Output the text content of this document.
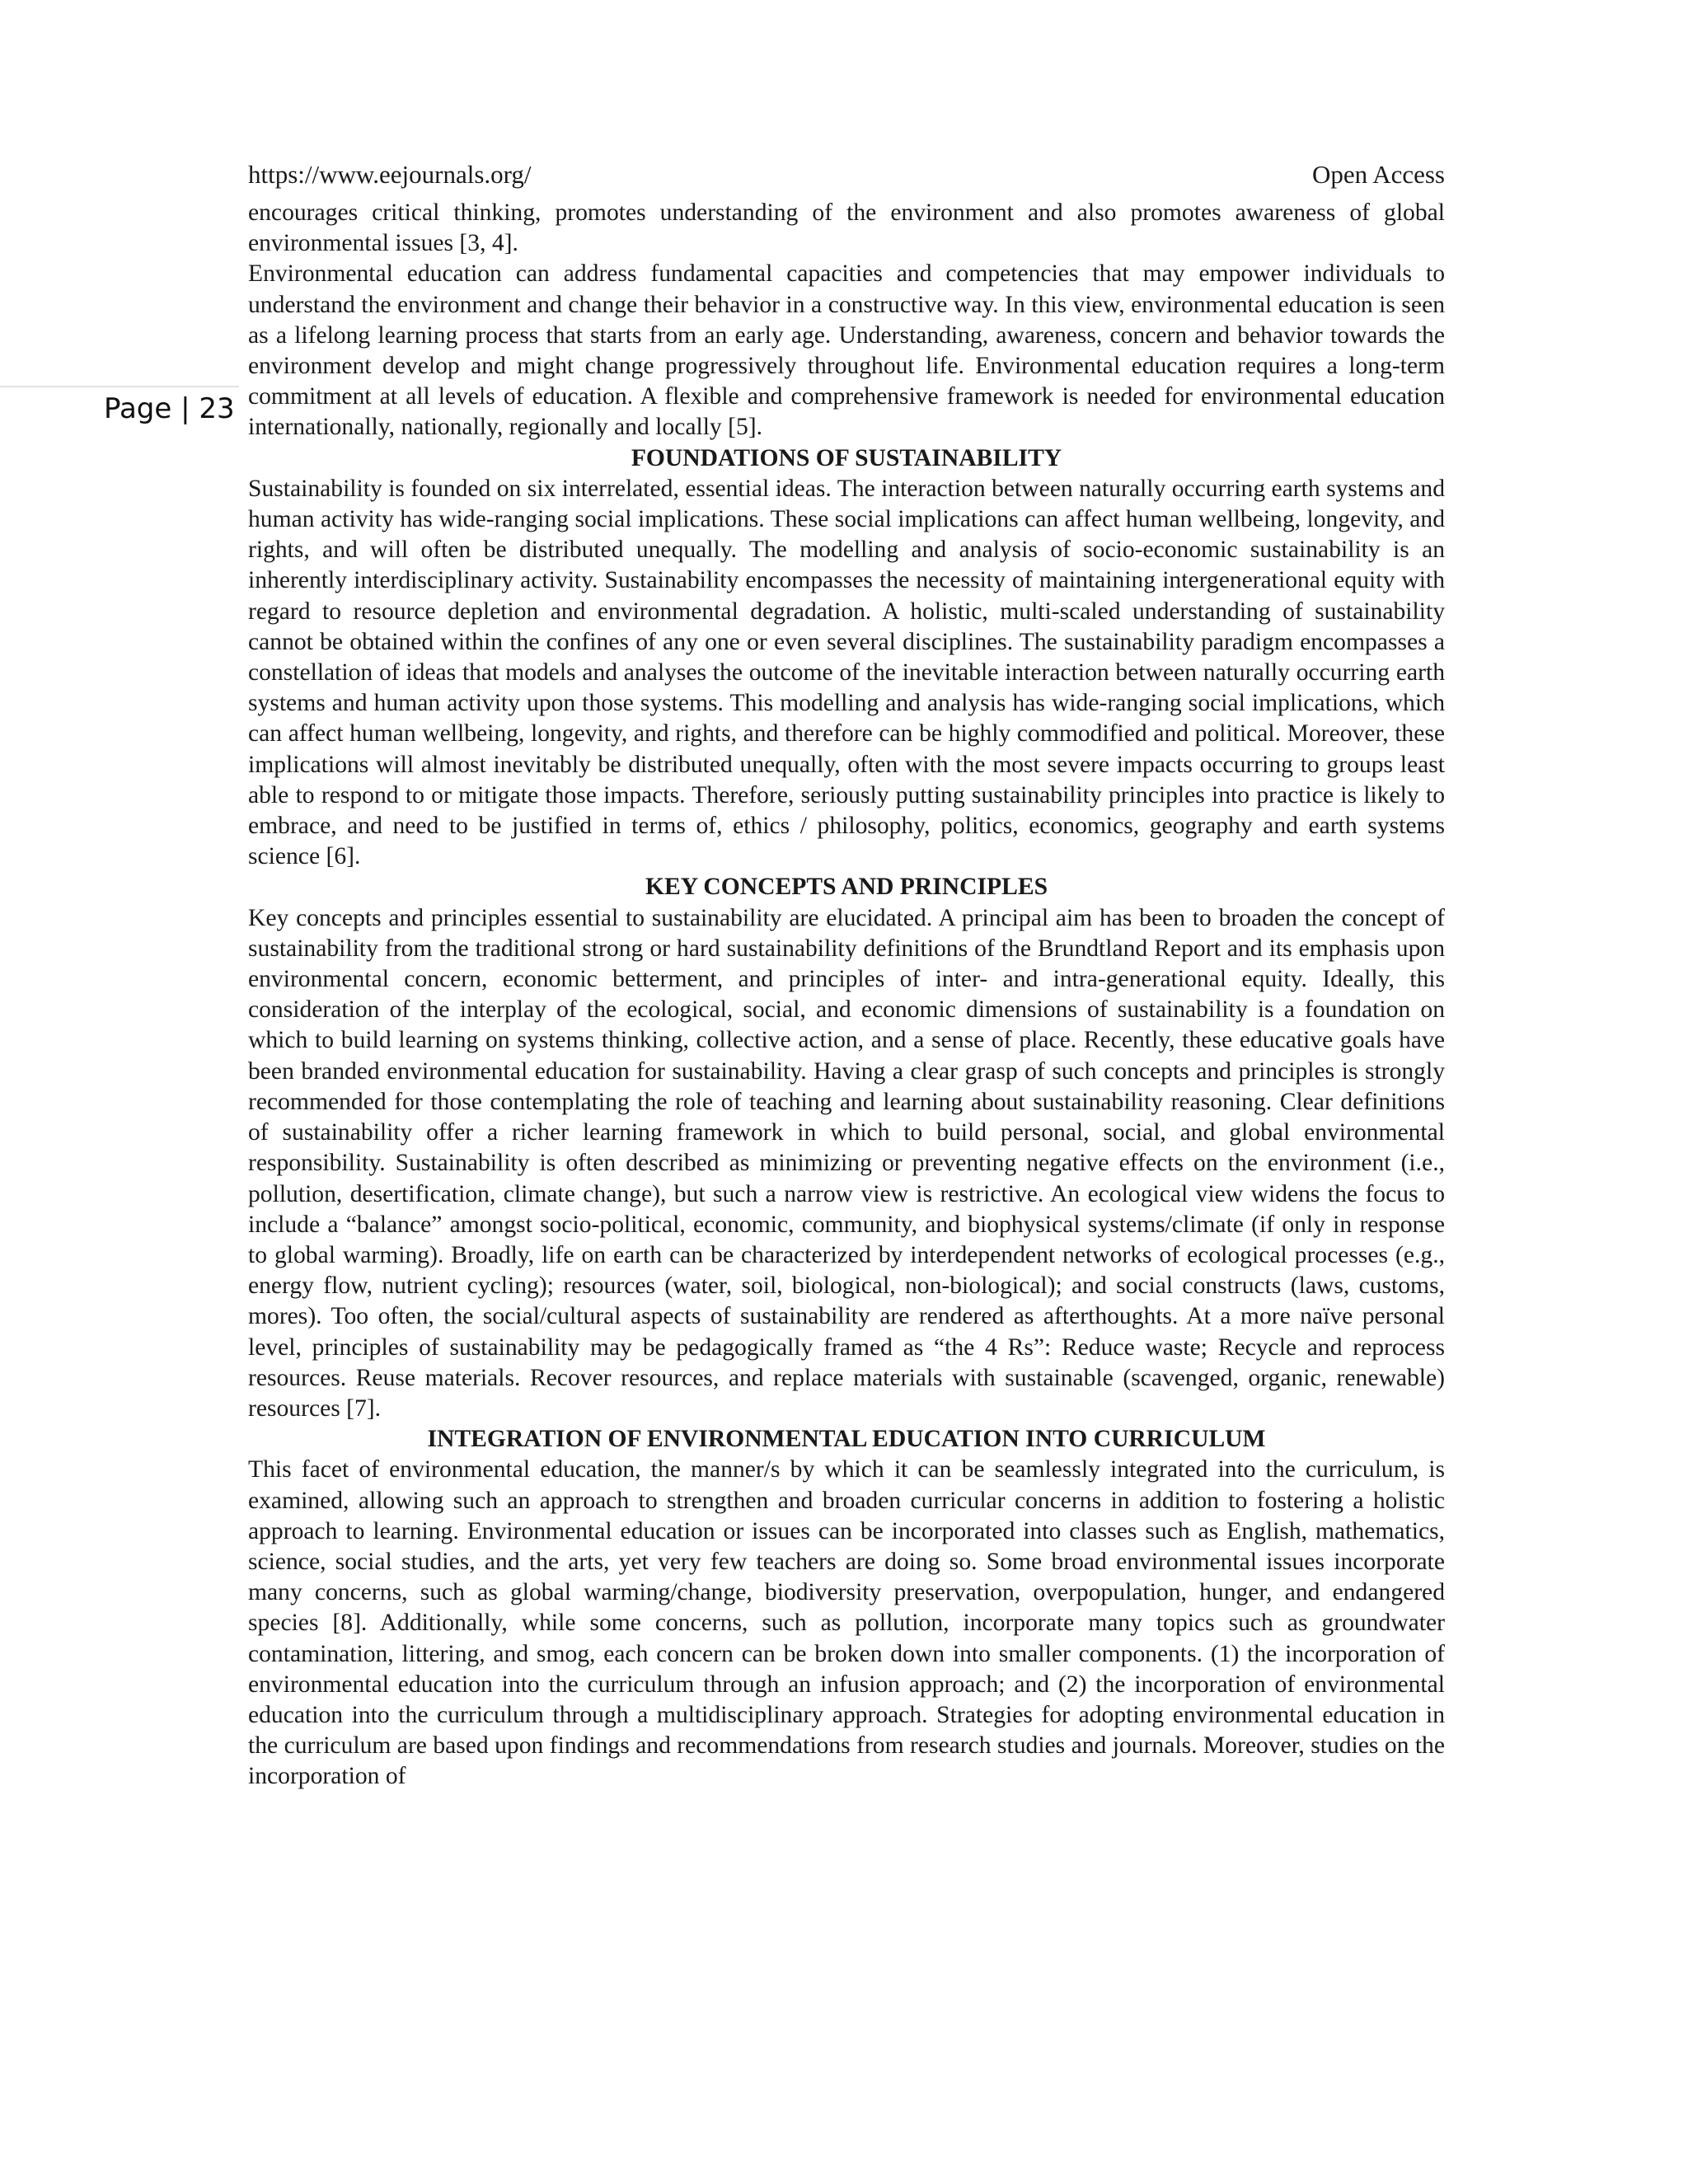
https://www.eejournals.org/	Open Access
Page | 23

encourages critical thinking, promotes understanding of the environment and also promotes awareness of global environmental issues [3, 4].

Environmental education can address fundamental capacities and competencies that may empower individuals to understand the environment and change their behavior in a constructive way. In this view, environmental education is seen as a lifelong learning process that starts from an early age. Understanding, awareness, concern and behavior towards the environment develop and might change progressively throughout life. Environmental education requires a long-term commitment at all levels of education. A flexible and comprehensive framework is needed for environmental education internationally, nationally, regionally and locally [5].

FOUNDATIONS OF SUSTAINABILITY

Sustainability is founded on six interrelated, essential ideas. The interaction between naturally occurring earth systems and human activity has wide-ranging social implications. These social implications can affect human wellbeing, longevity, and rights, and will often be distributed unequally. The modelling and analysis of socio-economic sustainability is an inherently interdisciplinary activity. Sustainability encompasses the necessity of maintaining intergenerational equity with regard to resource depletion and environmental degradation. A holistic, multi-scaled understanding of sustainability cannot be obtained within the confines of any one or even several disciplines. The sustainability paradigm encompasses a constellation of ideas that models and analyses the outcome of the inevitable interaction between naturally occurring earth systems and human activity upon those systems. This modelling and analysis has wide-ranging social implications, which can affect human wellbeing, longevity, and rights, and therefore can be highly commodified and political. Moreover, these implications will almost inevitably be distributed unequally, often with the most severe impacts occurring to groups least able to respond to or mitigate those impacts. Therefore, seriously putting sustainability principles into practice is likely to embrace, and need to be justified in terms of, ethics / philosophy, politics, economics, geography and earth systems science [6].

KEY CONCEPTS AND PRINCIPLES

Key concepts and principles essential to sustainability are elucidated. A principal aim has been to broaden the concept of sustainability from the traditional strong or hard sustainability definitions of the Brundtland Report and its emphasis upon environmental concern, economic betterment, and principles of inter- and intra-generational equity. Ideally, this consideration of the interplay of the ecological, social, and economic dimensions of sustainability is a foundation on which to build learning on systems thinking, collective action, and a sense of place. Recently, these educative goals have been branded environmental education for sustainability. Having a clear grasp of such concepts and principles is strongly recommended for those contemplating the role of teaching and learning about sustainability reasoning. Clear definitions of sustainability offer a richer learning framework in which to build personal, social, and global environmental responsibility. Sustainability is often described as minimizing or preventing negative effects on the environment (i.e., pollution, desertification, climate change), but such a narrow view is restrictive. An ecological view widens the focus to include a “balance” amongst socio-political, economic, community, and biophysical systems/climate (if only in response to global warming). Broadly, life on earth can be characterized by interdependent networks of ecological processes (e.g., energy flow, nutrient cycling); resources (water, soil, biological, non-biological); and social constructs (laws, customs, mores). Too often, the social/cultural aspects of sustainability are rendered as afterthoughts. At a more naïve personal level, principles of sustainability may be pedagogically framed as “the 4 Rs”: Reduce waste; Recycle and reprocess resources. Reuse materials. Recover resources, and replace materials with sustainable (scavenged, organic, renewable) resources [7].

INTEGRATION OF ENVIRONMENTAL EDUCATION INTO CURRICULUM

This facet of environmental education, the manner/s by which it can be seamlessly integrated into the curriculum, is examined, allowing such an approach to strengthen and broaden curricular concerns in addition to fostering a holistic approach to learning. Environmental education or issues can be incorporated into classes such as English, mathematics, science, social studies, and the arts, yet very few teachers are doing so. Some broad environmental issues incorporate many concerns, such as global warming/change, biodiversity preservation, overpopulation, hunger, and endangered species [8]. Additionally, while some concerns, such as pollution, incorporate many topics such as groundwater contamination, littering, and smog, each concern can be broken down into smaller components. (1) the incorporation of environmental education into the curriculum through an infusion approach; and (2) the incorporation of environmental education into the curriculum through a multidisciplinary approach. Strategies for adopting environmental education in the curriculum are based upon findings and recommendations from research studies and journals. Moreover, studies on the incorporation of
